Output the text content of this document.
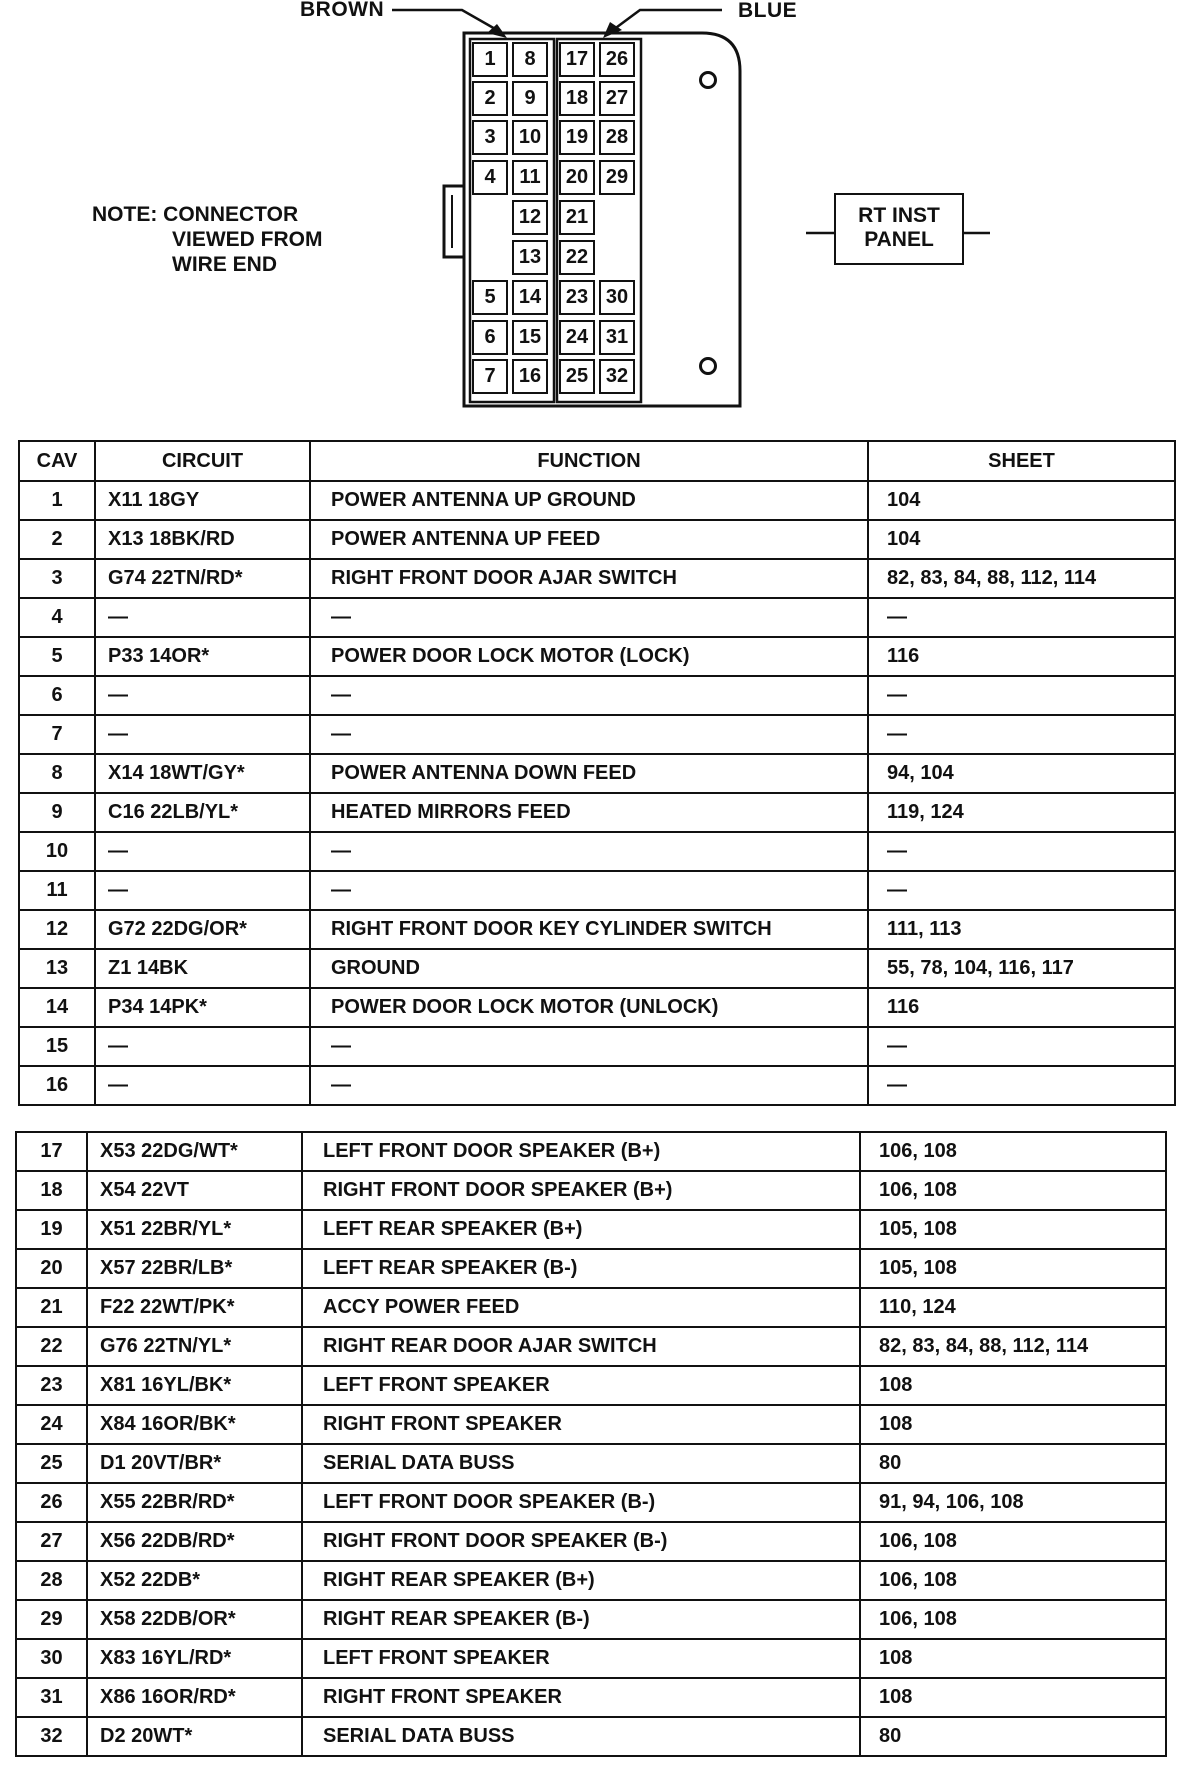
BROWN	BLUE
NOTE: CONNECTOR
VIEWED FROM
WIRE END
RT INST
PANEL
1
2
3
4
5
6
7
8
9
10
11
12
13
14
15
16
17
18
19
20
21
22
23
24
25
26
27
28
29
30
31
32
CAV	CIRCUIT	FUNCTION	SHEET
1	X11 18GY	POWER ANTENNA UP GROUND	104
2	X13 18BK/RD	POWER ANTENNA UP FEED	104
3	G74 22TN/RD*	RIGHT FRONT DOOR AJAR SWITCH	82, 83, 84, 88, 112, 114
4	—	—	—
5	P33 14OR*	POWER DOOR LOCK MOTOR (LOCK)	116
6	—	—	—
7	—	—	—
8	X14 18WT/GY*	POWER ANTENNA DOWN FEED	94, 104
9	C16 22LB/YL*	HEATED MIRRORS FEED	119, 124
10	—	—	—
11	—	—	—
12	G72 22DG/OR*	RIGHT FRONT DOOR KEY CYLINDER SWITCH	111, 113
13	Z1 14BK	GROUND	55, 78, 104, 116, 117
14	P34 14PK*	POWER DOOR LOCK MOTOR (UNLOCK)	116
15	—	—	—
16	—	—	—
17	X53 22DG/WT*	LEFT FRONT DOOR SPEAKER (B+)	106, 108
18	X54 22VT	RIGHT FRONT DOOR SPEAKER (B+)	106, 108
19	X51 22BR/YL*	LEFT REAR SPEAKER (B+)	105, 108
20	X57 22BR/LB*	LEFT REAR SPEAKER (B-)	105, 108
21	F22 22WT/PK*	ACCY POWER FEED	110, 124
22	G76 22TN/YL*	RIGHT REAR DOOR AJAR SWITCH	82, 83, 84, 88, 112, 114
23	X81 16YL/BK*	LEFT FRONT SPEAKER	108
24	X84 16OR/BK*	RIGHT FRONT SPEAKER	108
25	D1 20VT/BR*	SERIAL DATA BUSS	80
26	X55 22BR/RD*	LEFT FRONT DOOR SPEAKER (B-)	91, 94, 106, 108
27	X56 22DB/RD*	RIGHT FRONT DOOR SPEAKER (B-)	106, 108
28	X52 22DB*	RIGHT REAR SPEAKER (B+)	106, 108
29	X58 22DB/OR*	RIGHT REAR SPEAKER (B-)	106, 108
30	X83 16YL/RD*	LEFT FRONT SPEAKER	108
31	X86 16OR/RD*	RIGHT FRONT SPEAKER	108
32	D2 20WT*	SERIAL DATA BUSS	80
